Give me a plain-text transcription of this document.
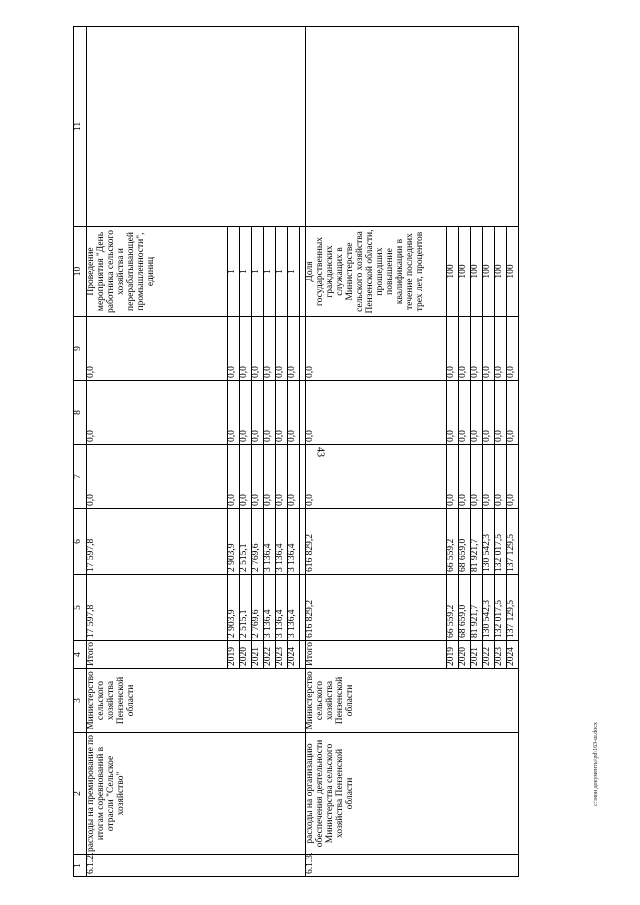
43
1	2	3	4	5	6	7	8	9	10	11
6.1.2.	расходы на премирование по итогам соревнований в отрасли "Сельское хозяйство"	Министерство сельского хозяйства Пензенской области	Итого	17 597,8	17 597,8	0,0	0,0	0,0	Проведение мероприятия "День работника сельского хозяйства и перерабатывающей промышленности", единиц	
			2019	2 903,9	2 903,9	0,0	0,0	0,0	1	
			2020	2 515,1	2 515,1	0,0	0,0	0,0	1	
			2021	2 769,6	2 769,6	0,0	0,0	0,0	1	
			2022	3 136,4	3 136,4	0,0	0,0	0,0	1	
			2023	3 136,4	3 136,4	0,0	0,0	0,0	1	
			2024	3 136,4	3 136,4	0,0	0,0	0,0	1	

6.1.3.	расходы на организацию обеспечения деятельности Министерства сельского хозяйства Пензенской области	Министерство сельского хозяйства Пензенской области	Итого	616 829,2	616 829,2	0,0	0,0	0,0	Доля государственных гражданских служащих в Министерстве сельского хозяйства Пензенской области, прошедших повышение квалификации в течение последних трех лет, процентов	
			2019	66 559,2	66 559,2	0,0	0,0	0,0	100	
			2020	68 659,0	68 659,0	0,0	0,0	0,0	100	
			2021	81 921,7	81 921,7	0,0	0,0	0,0	100	
			2022	130 542,3	130 542,3	0,0	0,0	0,0	100	
			2023	132 017,5	132 017,5	0,0	0,0	0,0	100	
			2024	137 129,5	137 129,5	0,0	0,0	0,0	100	
c:\мои документы\pd\163-ш.docx
